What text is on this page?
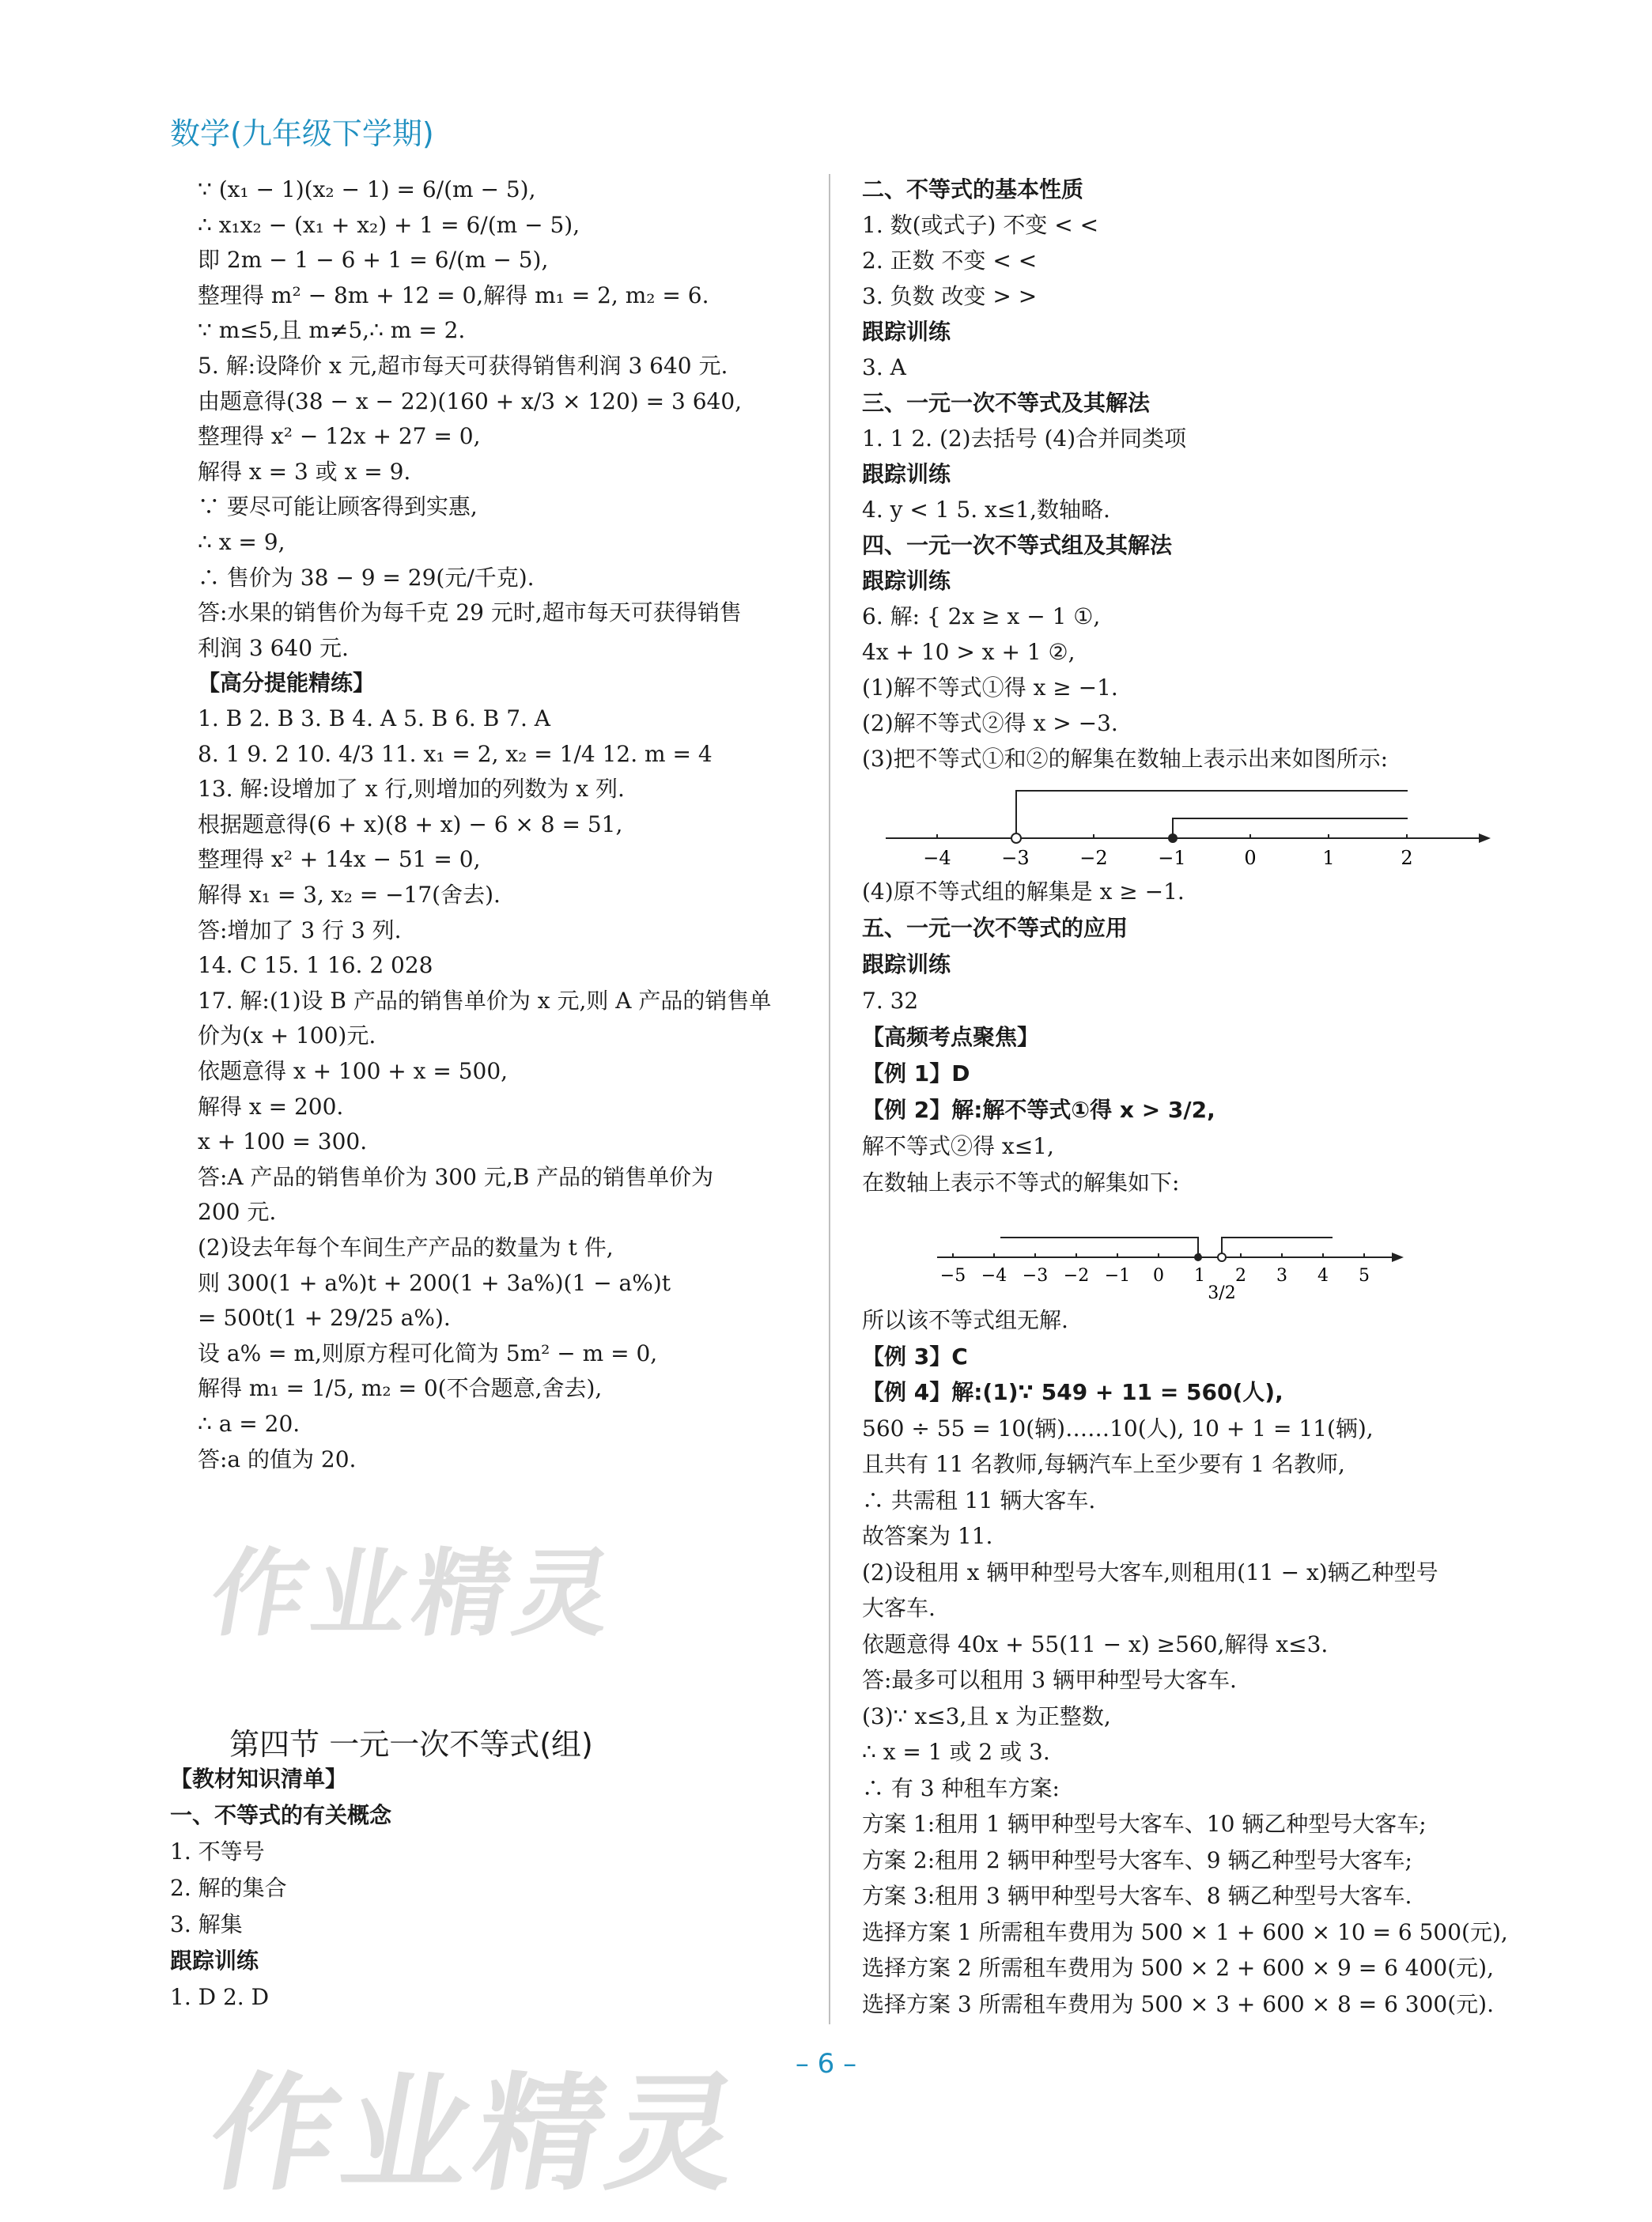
数学(九年级下学期)
∵ (x₁ − 1)(x₂ − 1) = 6/(m − 5),
∴ x₁x₂ − (x₁ + x₂) + 1 = 6/(m − 5),
即 2m − 1 − 6 + 1 = 6/(m − 5),
整理得 m² − 8m + 12 = 0,解得 m₁ = 2, m₂ = 6.
∵ m≤5,且 m≠5,∴ m = 2.
5. 解:设降价 x 元,超市每天可获得销售利润 3 640 元.
由题意得(38 − x − 22)(160 + x/3 × 120) = 3 640,
整理得 x² − 12x + 27 = 0,
解得 x = 3 或 x = 9.
∵ 要尽可能让顾客得到实惠,
∴ x = 9,
∴ 售价为 38 − 9 = 29(元/千克).
答:水果的销售价为每千克 29 元时,超市每天可获得销售
利润 3 640 元.
【高分提能精练】
1. B 2. B 3. B 4. A 5. B 6. B 7. A
8. 1 9. 2 10. 4/3 11. x₁ = 2, x₂ = 1/4 12. m = 4
13. 解:设增加了 x 行,则增加的列数为 x 列.
根据题意得(6 + x)(8 + x) − 6 × 8 = 51,
整理得 x² + 14x − 51 = 0,
解得 x₁ = 3, x₂ = −17(舍去).
答:增加了 3 行 3 列.
14. C 15. 1 16. 2 028
17. 解:(1)设 B 产品的销售单价为 x 元,则 A 产品的销售单
价为(x + 100)元.
依题意得 x + 100 + x = 500,
解得 x = 200.
x + 100 = 300.
答:A 产品的销售单价为 300 元,B 产品的销售单价为
200 元.
(2)设去年每个车间生产产品的数量为 t 件,
则 300(1 + a%)t + 200(1 + 3a%)(1 − a%)t
= 500t(1 + 29/25 a%).
设 a% = m,则原方程可化简为 5m² − m = 0,
解得 m₁ = 1/5, m₂ = 0(不合题意,舍去),
∴ a = 20.
答:a 的值为 20.
第四节 一元一次不等式(组)
【教材知识清单】
一、不等式的有关概念
1. 不等号
2. 解的集合
3. 解集
跟踪训练
1. D 2. D
二、不等式的基本性质
1. 数(或式子) 不变 < <
2. 正数 不变 < <
3. 负数 改变 > >
跟踪训练
3. A
三、一元一次不等式及其解法
1. 1 2. (2)去括号 (4)合并同类项
跟踪训练
4. y < 1 5. x≤1,数轴略.
四、一元一次不等式组及其解法
跟踪训练
6. 解: { 2x ≥ x − 1 ①,
4x + 10 > x + 1 ②,
(1)解不等式①得 x ≥ −1.
(2)解不等式②得 x > −3.
(3)把不等式①和②的解集在数轴上表示出来如图所示:
−4	−3	−2	−1	0	1	2
(4)原不等式组的解集是 x ≥ −1.
五、一元一次不等式的应用
跟踪训练
7. 32
【高频考点聚焦】
【例 1】D
【例 2】解:解不等式①得 x > 3/2,
解不等式②得 x≤1,
在数轴上表示不等式的解集如下:
−5 −4 −3 −2 −1 0 1 2 3 4 5
3/2
所以该不等式组无解.
【例 3】C
【例 4】解:(1)∵ 549 + 11 = 560(人),
560 ÷ 55 = 10(辆)……10(人), 10 + 1 = 11(辆),
且共有 11 名教师,每辆汽车上至少要有 1 名教师,
∴ 共需租 11 辆大客车.
故答案为 11.
(2)设租用 x 辆甲种型号大客车,则租用(11 − x)辆乙种型号
大客车.
依题意得 40x + 55(11 − x) ≥560,解得 x≤3.
答:最多可以租用 3 辆甲种型号大客车.
(3)∵ x≤3,且 x 为正整数,
∴ x = 1 或 2 或 3.
∴ 有 3 种租车方案:
方案 1:租用 1 辆甲种型号大客车、10 辆乙种型号大客车;
方案 2:租用 2 辆甲种型号大客车、9 辆乙种型号大客车;
方案 3:租用 3 辆甲种型号大客车、8 辆乙种型号大客车.
选择方案 1 所需租车费用为 500 × 1 + 600 × 10 = 6 500(元),
选择方案 2 所需租车费用为 500 × 2 + 600 × 9 = 6 400(元),
选择方案 3 所需租车费用为 500 × 3 + 600 × 8 = 6 300(元).
作业精灵
作业精灵	– 6 –
